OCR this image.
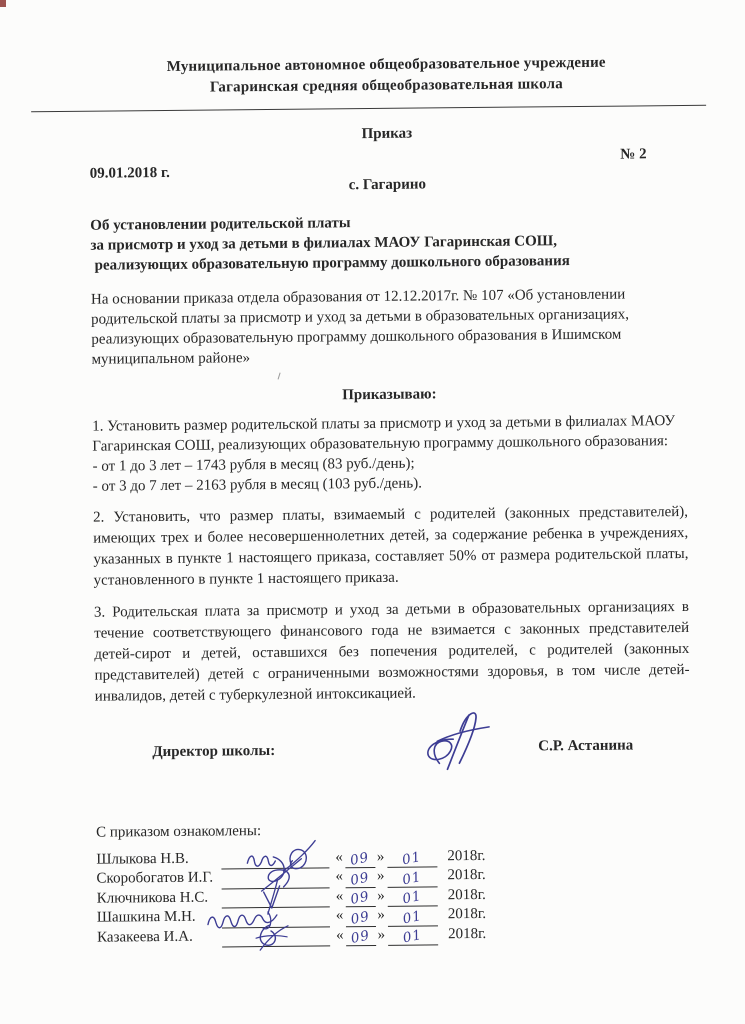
Муниципальное автономное общеобразовательное учреждение
Гагаринская средняя общеобразовательная школа
Приказ
№ 2
09.01.2018 г.
с. Гагарино
Об установлении родительской платы
за присмотр и уход за детьми в филиалах МАОУ Гагаринская СОШ,
реализующих образовательную программу дошкольного образования

На основании приказа отдела образования от 12.12.2017г. № 107 «Об установлении родительской платы за присмотр и уход за детьми в образовательных организациях, реализующих образовательную программу дошкольного образования в Ишимском муниципальном районе»

Приказываю:

1. Установить размер родительской платы за присмотр и уход за детьми в филиалах МАОУ Гагаринская СОШ, реализующих образовательную программу дошкольного образования:

- от 1 до 3 лет – 1743 рубля в месяц (83 руб./день);
- от 3 до 7 лет – 2163 рубля в месяц (103 руб./день).

2. Установить, что размер платы, взимаемый с родителей (законных представителей), имеющих трех и более несовершеннолетних детей, за содержание ребенка в учреждениях, указанных в пункте 1 настоящего приказа, составляет 50% от размера родительской платы, установленного в пункте 1 настоящего приказа.

3. Родительская плата за присмотр и уход за детьми в образовательных организациях в течение соответствующего финансового года не взимается с законных представителей детей-сирот и детей, оставшихся без попечения родителей, с родителей (законных представителей) детей с ограниченными возможностями здоровья, в том числе детей-инвалидов, детей с туберкулезной интоксикацией.

Директор школы:	С.Р. Астанина
С приказом ознакомлены:
Шлыкова Н.В.	« 09 »	01	2018г.
Скоробогатов И.Г.	« 09 »	01	2018г.
Ключникова Н.С.	« 09 »	01	2018г.
Шашкина М.Н.	« 09 »	01	2018г.
Казакеева И.А.	« 09 »	01	2018г.
